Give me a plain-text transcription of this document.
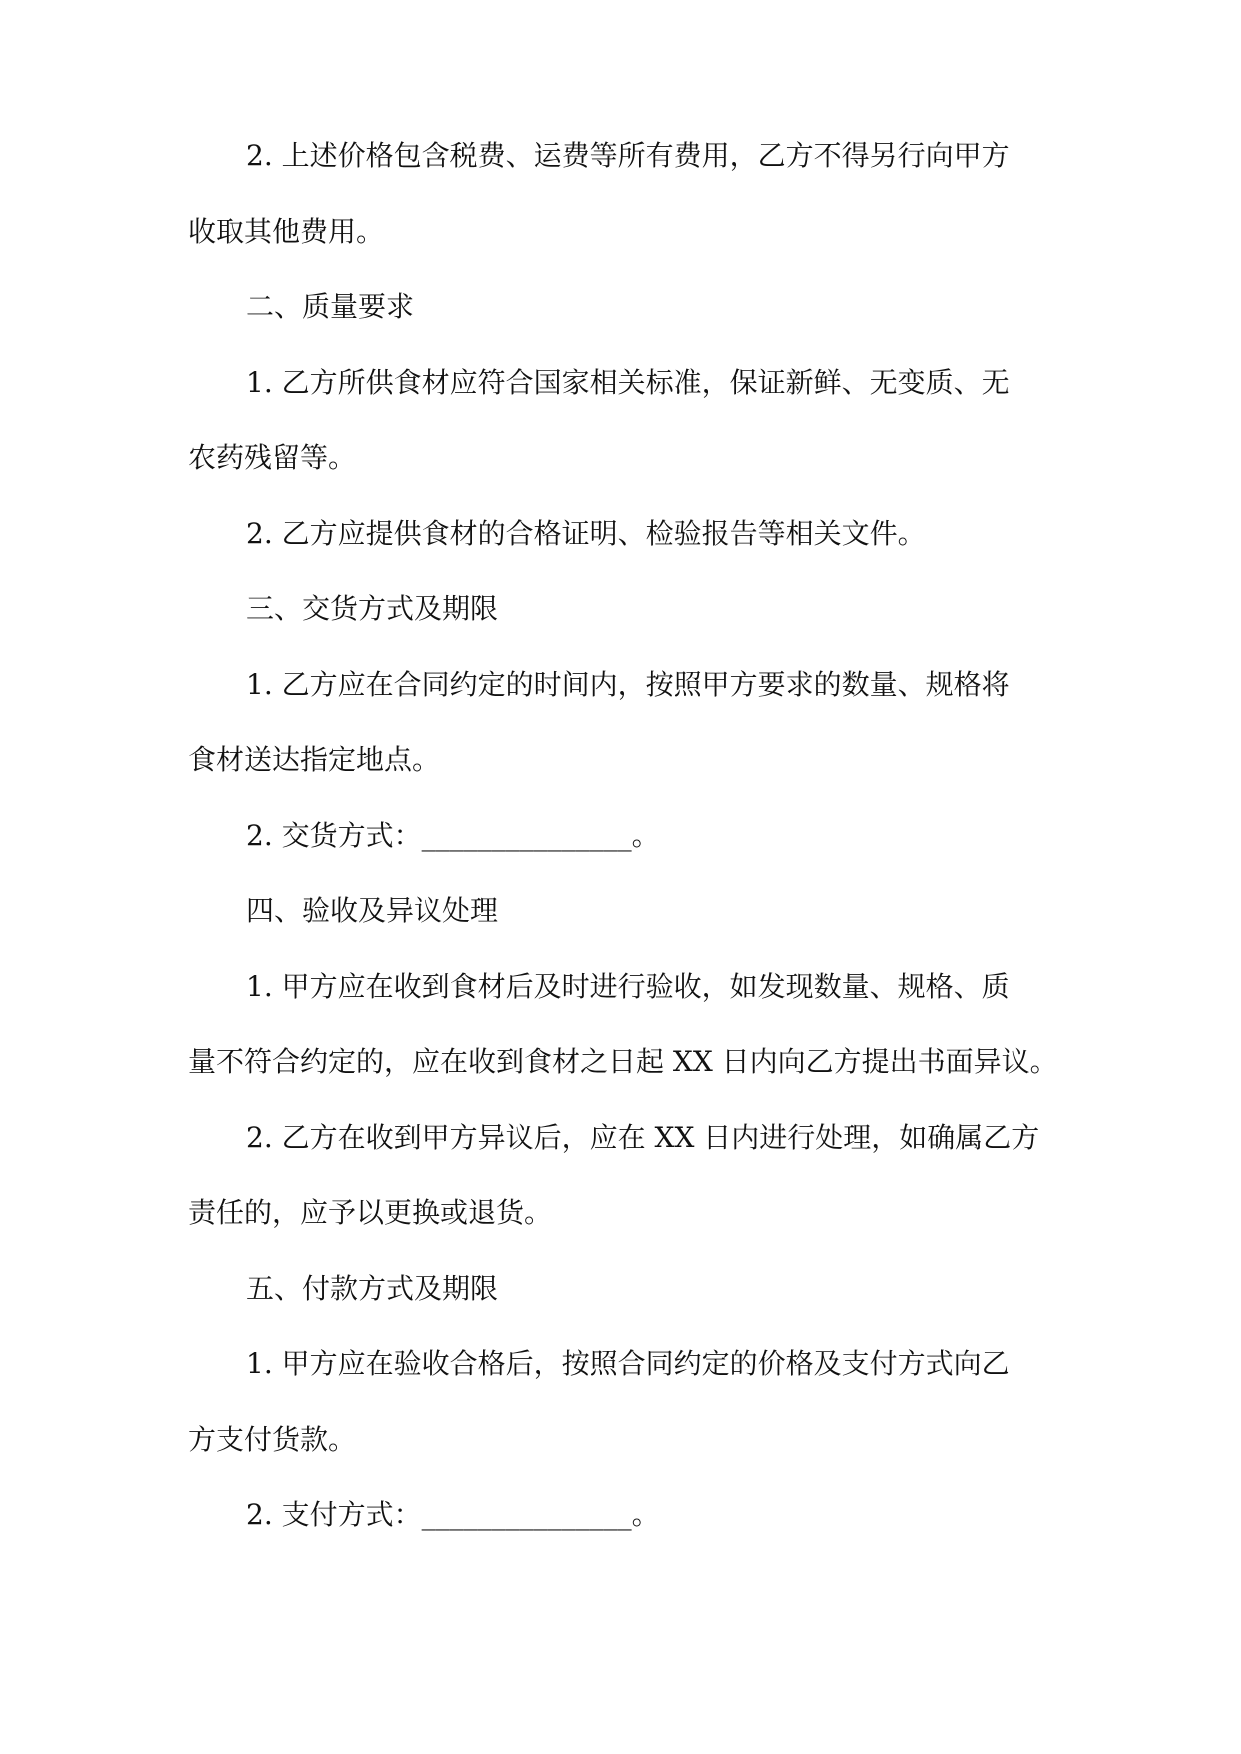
2. 上述价格包含税费、运费等所有费用，乙方不得另行向甲方
收取其他费用。
二、质量要求
1. 乙方所供食材应符合国家相关标准，保证新鲜、无变质、无
农药残留等。
2. 乙方应提供食材的合格证明、检验报告等相关文件。
三、交货方式及期限
1. 乙方应在合同约定的时间内，按照甲方要求的数量、规格将
食材送达指定地点。
2. 交货方式：_______________。
四、验收及异议处理
1. 甲方应在收到食材后及时进行验收，如发现数量、规格、质
量不符合约定的，应在收到食材之日起 XX 日内向乙方提出书面异议。
2. 乙方在收到甲方异议后，应在 XX 日内进行处理，如确属乙方
责任的，应予以更换或退货。
五、付款方式及期限
1. 甲方应在验收合格后，按照合同约定的价格及支付方式向乙
方支付货款。
2. 支付方式：_______________。
